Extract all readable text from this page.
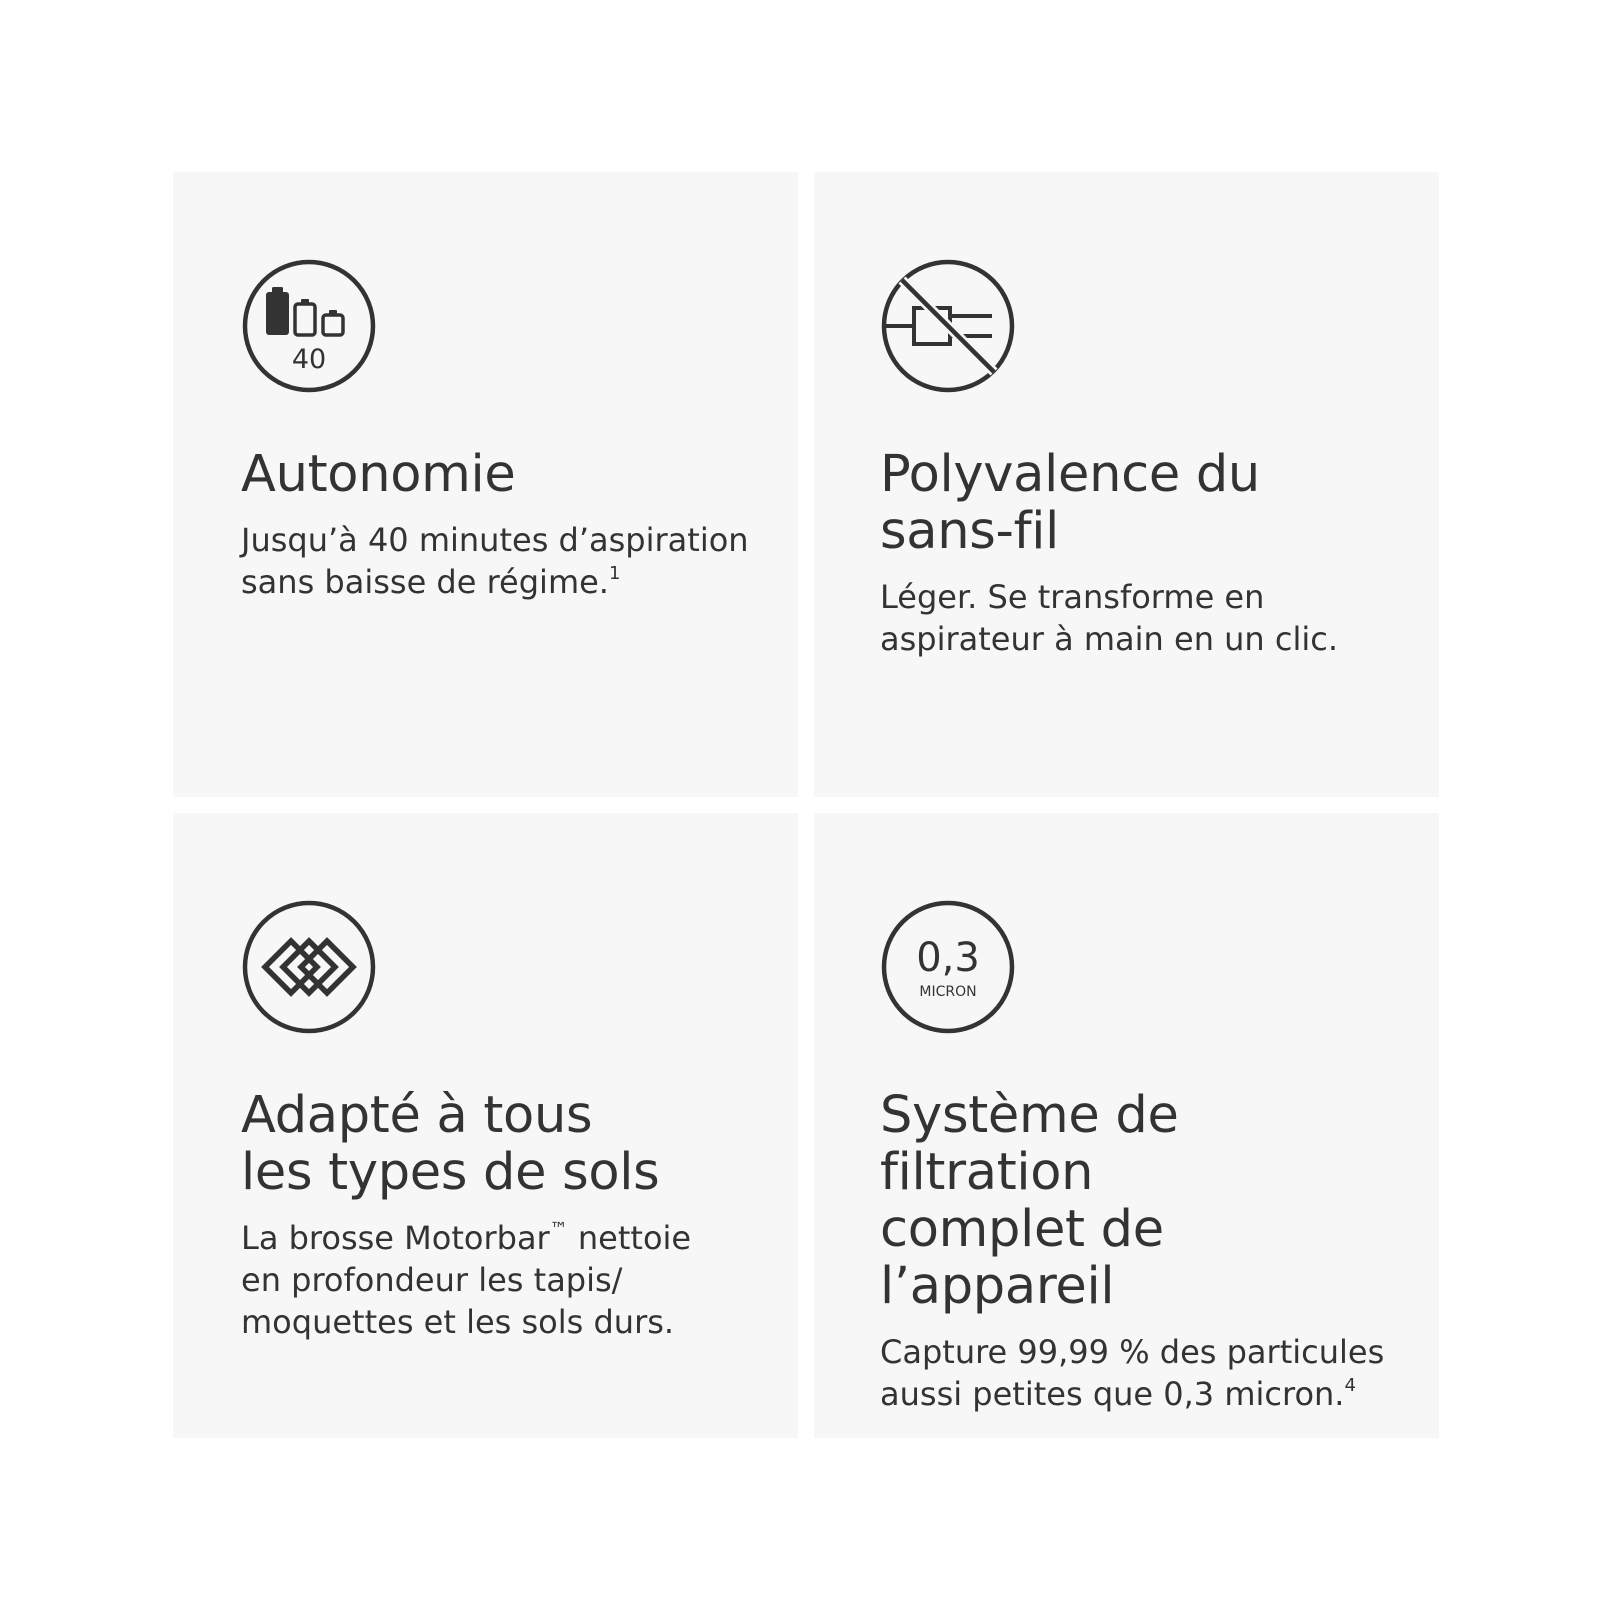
40
Autonomie

Jusqu’à 40 minutes d’aspiration
sans baisse de régime.$^1$

Polyvalence du
sans-fil

Léger. Se transforme en
aspirateur à main en un clic.

Adapté à tous
les types de sols

La brosse Motorbar™ nettoie
en profondeur les tapis/
moquettes et les sols durs.

0,3
MICRON
Système de filtration
complet de l’appareil

Capture 99,99 % des particules
aussi petites que 0,3 micron.$^4$
